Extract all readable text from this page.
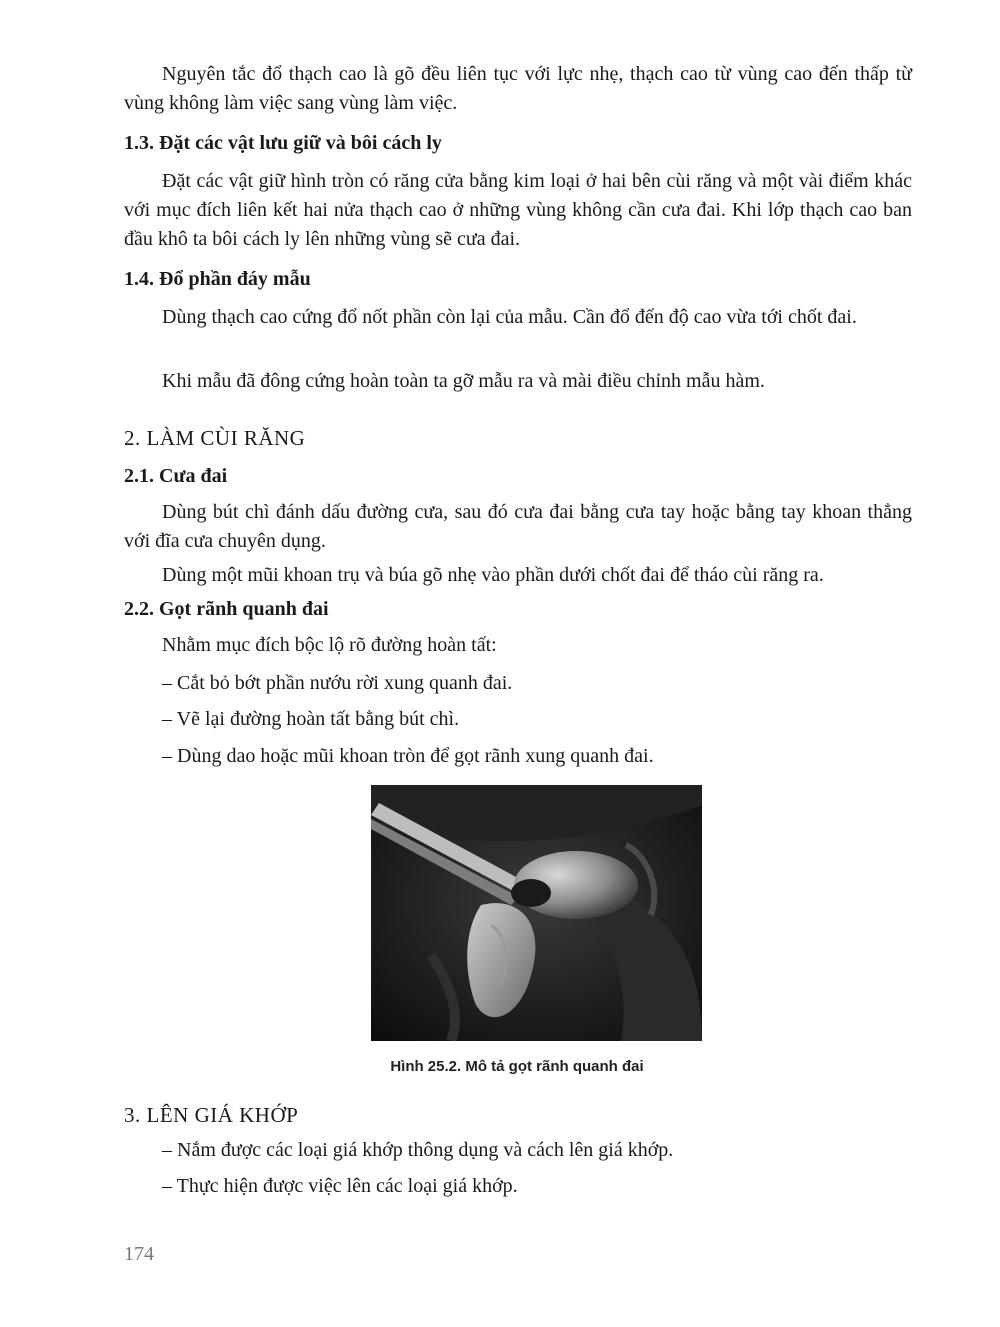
Nguyên tắc đổ thạch cao là gõ đều liên tục với lực nhẹ, thạch cao từ vùng cao đến thấp từ vùng không làm việc sang vùng làm việc.

1.3. Đặt các vật lưu giữ và bôi cách ly

Đặt các vật giữ hình tròn có răng cửa bằng kim loại ở hai bên cùi răng và một vài điểm khác với mục đích liên kết hai nửa thạch cao ở những vùng không cần cưa đai. Khi lớp thạch cao ban đầu khô ta bôi cách ly lên những vùng sẽ cưa đai.

1.4. Đổ phần đáy mẫu

Dùng thạch cao cứng đổ nốt phần còn lại của mẫu. Cần đổ đến độ cao vừa tới chốt đai.

Khi mẫu đã đông cứng hoàn toàn ta gỡ mẫu ra và mài điều chỉnh mẫu hàm.

2. LÀM CÙI RĂNG
2.1. Cưa đai

Dùng bút chì đánh dấu đường cưa, sau đó cưa đai bằng cưa tay hoặc bằng tay khoan thẳng với đĩa cưa chuyên dụng.

Dùng một mũi khoan trụ và búa gõ nhẹ vào phần dưới chốt đai để tháo cùi răng ra.

2.2. Gọt rãnh quanh đai

Nhằm mục đích bộc lộ rõ đường hoàn tất:

– Cắt bỏ bớt phần nướu rời xung quanh đai.

– Vẽ lại đường hoàn tất bằng bút chì.

– Dùng dao hoặc mũi khoan tròn để gọt rãnh xung quanh đai.

Hình 25.2. Mô tả gọt rãnh quanh đai
3. LÊN GIÁ KHỚP

– Nắm được các loại giá khớp thông dụng và cách lên giá khớp.

– Thực hiện được việc lên các loại giá khớp.

174
